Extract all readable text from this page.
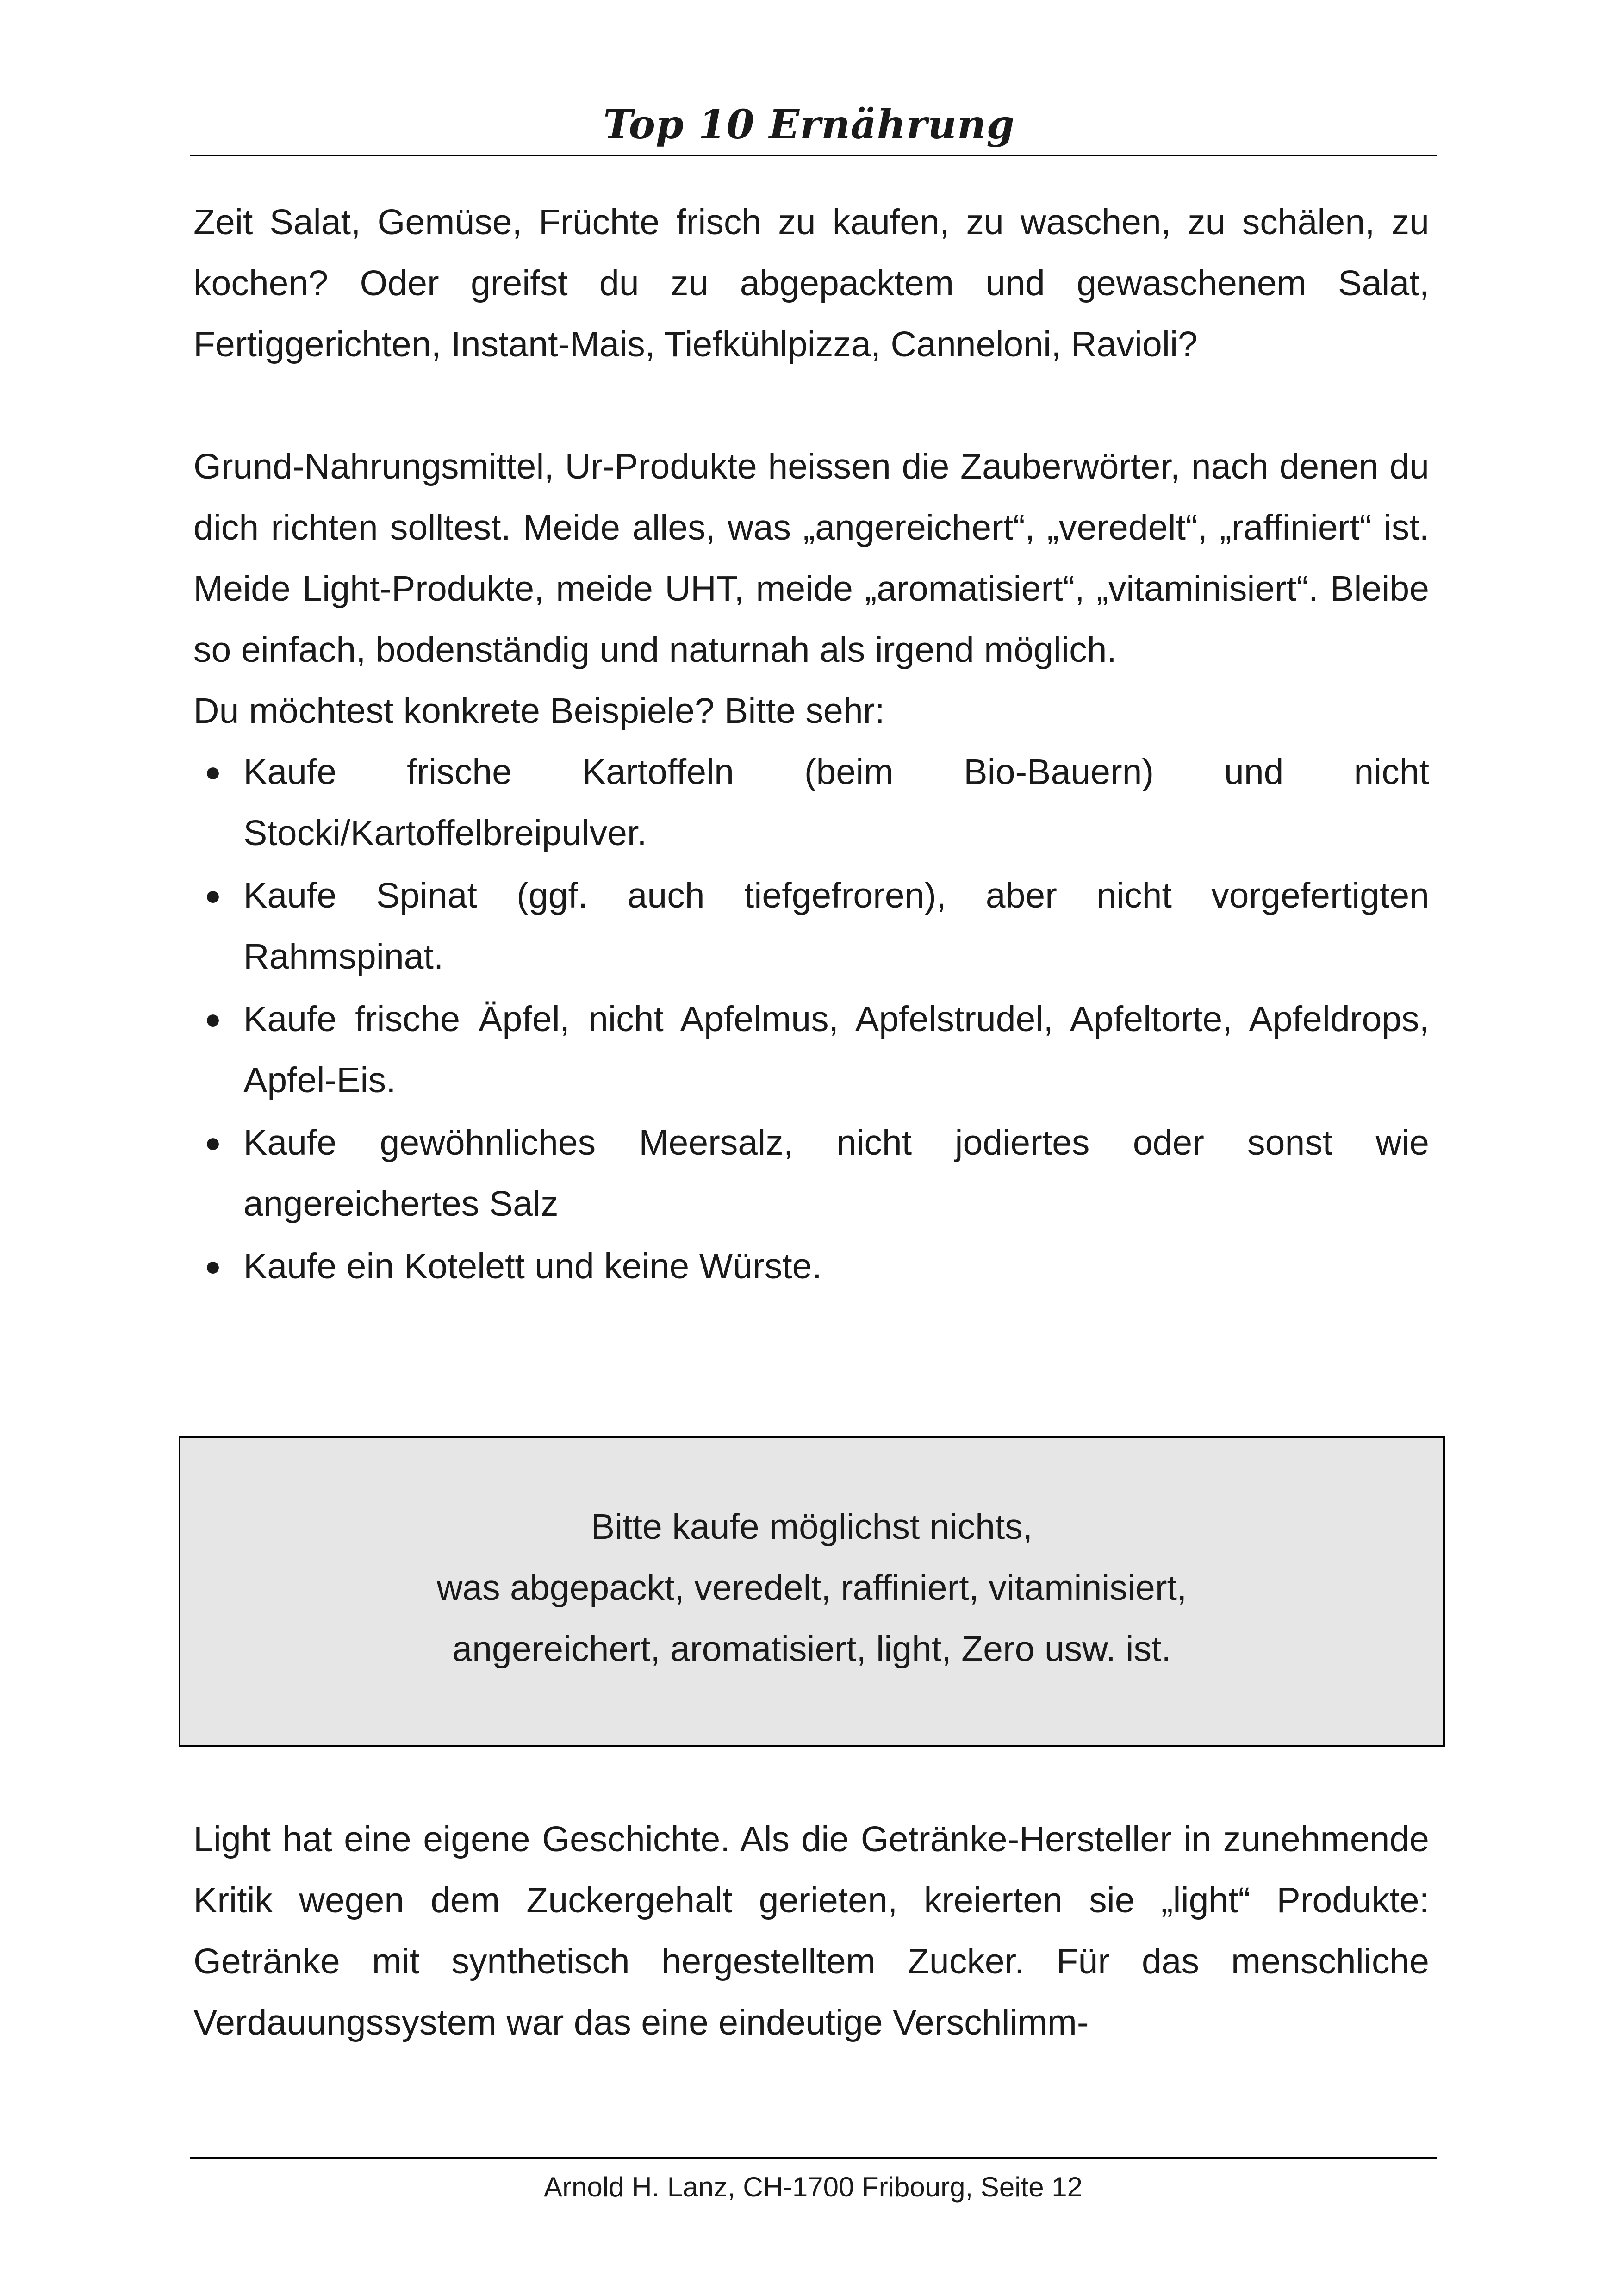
Top 10 Ernährung

Zeit Salat, Gemüse, Früchte frisch zu kaufen, zu waschen, zu schälen, zu kochen? Oder greifst du zu abgepacktem und gewaschenem Salat, Fertiggerichten, Instant-Mais, Tiefkühlpizza, Canneloni, Ravioli?

Grund-Nahrungsmittel, Ur-Produkte heissen die Zauberwörter, nach denen du dich richten solltest. Meide alles, was „angereichert“, „veredelt“, „raffiniert“ ist. Meide Light-Produkte, meide UHT, meide „aromatisiert“, „vitaminisiert“. Bleibe so einfach, bodenständig und naturnah als irgend möglich.

Du möchtest konkrete Beispiele? Bitte sehr:

● Kaufe frische Kartoffeln (beim Bio-Bauern) und nicht Stocki/Kartoffelbreipulver.
● Kaufe Spinat (ggf. auch tiefgefroren), aber nicht vorgefertigten Rahmspinat.
● Kaufe frische Äpfel, nicht Apfelmus, Apfelstrudel, Apfeltorte, Apfeldrops, Apfel-Eis.
● Kaufe gewöhnliches Meersalz, nicht jodiertes oder sonst wie angereichertes Salz
● Kaufe ein Kotelett und keine Würste.
Bitte kaufe möglichst nichts,
was abgepackt, veredelt, raffiniert, vitaminisiert,
angereichert, aromatisiert, light, Zero usw. ist.

Light hat eine eigene Geschichte. Als die Getränke-Hersteller in zunehmende Kritik wegen dem Zuckergehalt gerieten, kreierten sie „light“ Produkte: Getränke mit synthetisch hergestelltem Zucker. Für das menschliche Verdauungssystem war das eine eindeutige Verschlimm-

Arnold H. Lanz, CH-1700 Fribourg, Seite 12
